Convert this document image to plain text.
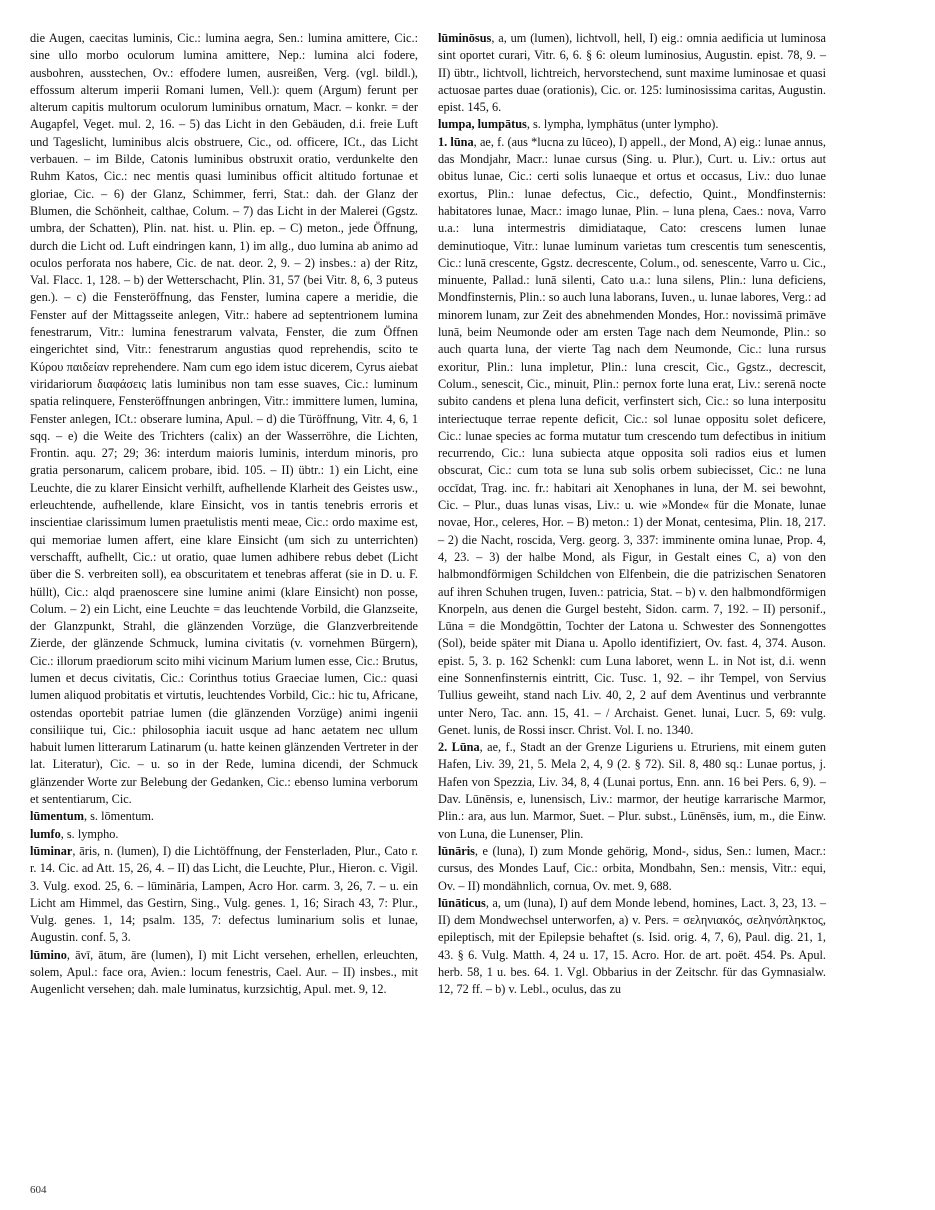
die Augen, caecitas luminis, Cic.: lumina aegra, Sen.: lumina amittere, Cic.: sine ullo morbo oculorum lumina amittere, Nep.: lumina alci fodere, ausbohren, ausstechen, Ov.: effodere lumen, ausreißen, Verg. (vgl. bildl.), effossum alterum imperii Romani lumen, Vell.): quem (Argum) ferunt per alterum capitis multorum oculorum luminibus ornatum, Macr. – konkr. = der Augapfel, Veget. mul. 2, 16. – 5) das Licht in den Gebäuden, d.i. freie Luft und Tageslicht, luminibus alcis obstruere, Cic., od. officere, ICt., das Licht verbauen. – im Bilde, Catonis luminibus obstruxit oratio, verdunkelte den Ruhm Katos, Cic.: nec mentis quasi luminibus officit altitudo fortunae et gloriae, Cic. – 6) der Glanz, Schimmer, ferri, Stat.: dah. der Glanz der Blumen, die Schönheit, calthae, Colum. – 7) das Licht in der Malerei (Ggstz. umbra, der Schatten), Plin. nat. hist. u. Plin. ep. – C) meton., jede Öffnung, durch die Licht od. Luft eindringen kann, 1) im allg., duo lumina ab animo ad oculos perforata nos habere, Cic. de nat. deor. 2, 9. – 2) insbes.: a) der Ritz, Val. Flacc. 1, 128. – b) der Wetterschacht, Plin. 31, 57 (bei Vitr. 8, 6, 3 puteus gen.). – c) die Fensteröffnung, das Fenster, lumina capere a meridie, die Fenster auf der Mittagsseite anlegen, Vitr.: habere ad septentrionem lumina fenestrarum, Vitr.: lumina fenestrarum valvata, Fenster, die zum Öffnen eingerichtet sind, Vitr.: fenestrarum angustias quod reprehendis, scito te Κύρου παιδείαν reprehendere. Nam cum ego idem istuc dicerem, Cyrus aiebat viridariorum διαφάσεις latis luminibus non tam esse suaves, Cic.: luminum spatia relinquere, Fensteröffnungen anbringen, Vitr.: immittere lumen, lumina, Fenster anlegen, ICt.: obserare lumina, Apul. – d) die Türöffnung, Vitr. 4, 6, 1 sqq. – e) die Weite des Trichters (calix) an der Wasserröhre, die Lichten, Frontin. aqu. 27; 29; 36: interdum maioris luminis, interdum minoris, pro gratia personarum, calicem probare, ibid. 105. – II) übtr.: 1) ein Licht, eine Leuchte, die zu klarer Einsicht verhilft, aufhellende Klarheit des Geistes usw., erleuchtende, aufhellende, klare Einsicht, vos in tantis tenebris erroris et inscientiae clarissimum lumen praetulistis menti meae, Cic.: ordo maxime est, qui memoriae lumen affert, eine klare Einsicht (um sich zu unterrichten) verschafft, aufhellt, Cic.: ut oratio, quae lumen adhibere rebus debet (Licht über die S. verbreiten soll), ea obscuritatem et tenebras afferat (sie in D. u. F. hüllt), Cic.: alqd praenoscere sine lumine animi (klare Einsicht) non posse, Colum. – 2) ein Licht, eine Leuchte = das leuchtende Vorbild, die Glanzseite, der Glanzpunkt, Strahl, die glänzenden Vorzüge, die Glanzverbreitende Zierde, der glänzende Schmuck, lumina civitatis (v. vornehmen Bürgern), Cic.: illorum praediorum scito mihi vicinum Marium lumen esse, Cic.: Brutus, lumen et decus civitatis, Cic.: Corinthus totius Graeciae lumen, Cic.: quasi lumen aliquod probitatis et virtutis, leuchtendes Vorbild, Cic.: hic tu, Africane, ostendas oportebit patriae lumen (die glänzenden Vorzüge) animi ingenii consiliique tui, Cic.: philosophia iacuit usque ad hanc aetatem nec ullum habuit lumen litterarum Latinarum (u. hatte keinen glänzenden Vertreter in der lat. Literatur), Cic. – u. so in der Rede, lumina dicendi, der Schmuck glänzender Worte zur Belebung der Gedanken, Cic.: ebenso lumina verborum et sententiarum, Cic.

lūmentum, s. lōmentum.

lumfo, s. lympho.

lūminar, āris, n. (lumen), I) die Lichtöffnung, der Fensterladen, Plur., Cato r. r. 14. Cic. ad Att. 15, 26, 4. – II) das Licht, die Leuchte, Plur., Hieron. c. Vigil. 3. Vulg. exod. 25, 6. – lūmināria, Lampen, Acro Hor. carm. 3, 26, 7. – u. ein Licht am Himmel, das Gestirn, Sing., Vulg. genes. 1, 16; Sirach 43, 7: Plur., Vulg. genes. 1, 14; psalm. 135, 7: defectus luminarium solis et lunae, Augustin. conf. 5, 3.

lūmino, āvī, ātum, āre (lumen), I) mit Licht versehen, erhellen, erleuchten, solem, Apul.: face ora, Avien.: locum fenestris, Cael. Aur. – II) insbes., mit Augenlicht versehen; dah. male luminatus, kurzsichtig, Apul. met. 9, 12.

lūminōsus, a, um (lumen), lichtvoll, hell, I) eig.: omnia aedificia ut luminosa sint oportet curari, Vitr. 6, 6. § 6: oleum luminosius, Augustin. epist. 78, 9. – II) übtr., lichtvoll, lichtreich, hervorstechend, sunt maxime luminosae et quasi actuosae partes duae (orationis), Cic. or. 125: luminosissima caritas, Augustin. epist. 145, 6.

lumpa, lumpātus, s. lympha, lymphātus (unter lympho).

1. lūna, ae, f. (aus *lucna zu lūceo), I) appell., der Mond, A) eig.: lunae annus, das Mondjahr, Macr.: lunae cursus (Sing. u. Plur.), Curt. u. Liv.: ortus aut obitus lunae, Cic.: certi solis lunaeque et ortus et occasus, Liv.: duo lunae exortus, Plin.: lunae defectus, Cic., defectio, Quint., Mondfinsternis: habitatores lunae, Macr.: imago lunae, Plin. – luna plena, Caes.: nova, Varro u.a.: luna intermestris dimidiataque, Cato: crescens lumen lunae deminutioque, Vitr.: lunae luminum varietas tum crescentis tum senescentis, Cic.: lunā crescente, Ggstz. decrescente, Colum., od. senescente, Varro u. Cic., minuente, Pallad.: lunā silenti, Cato u.a.: luna silens, Plin.: luna deficiens, Mondfinsternis, Plin.: so auch luna laborans, Iuven., u. lunae labores, Verg.: ad minorem lunam, zur Zeit des abnehmenden Mondes, Hor.: novissimā primāve lunā, beim Neumonde oder am ersten Tage nach dem Neumonde, Plin.: so auch quarta luna, der vierte Tag nach dem Neumonde, Cic.: luna rursus exoritur, Plin.: luna impletur, Plin.: luna crescit, Cic., Ggstz., decrescit, Colum., senescit, Cic., minuit, Plin.: pernox forte luna erat, Liv.: serenā nocte subito candens et plena luna deficit, verfinstert sich, Cic.: so luna interpositu interiectuque terrae repente deficit, Cic.: sol lunae oppositu solet deficere, Cic.: lunae species ac forma mutatur tum crescendo tum defectibus in initium recurrendo, Cic.: luna subiecta atque opposita soli radios eius et lumen obscurat, Cic.: cum tota se luna sub solis orbem subiecisset, Cic.: ne luna occīdat, Trag. inc. fr.: habitari ait Xenophanes in luna, der M. sei bewohnt, Cic. – Plur., duas lunas visas, Liv.: u. wie »Monde« für die Monate, lunae novae, Hor., celeres, Hor. – B) meton.: 1) der Monat, centesima, Plin. 18, 217. – 2) die Nacht, roscida, Verg. georg. 3, 337: imminente omina lunae, Prop. 4, 4, 23. – 3) der halbe Mond, als Figur, in Gestalt eines C, a) von den halbmondförmigen Schildchen von Elfenbein, die die patrizischen Senatoren auf ihren Schuhen trugen, Iuven.: patricia, Stat. – b) v. den halbmondförmigen Knorpeln, aus denen die Gurgel besteht, Sidon. carm. 7, 192. – II) personif., Lūna = die Mondgöttin, Tochter der Latona u. Schwester des Sonnengottes (Sol), beide später mit Diana u. Apollo identifiziert, Ov. fast. 4, 374. Auson. epist. 5, 3. p. 162 Schenkl: cum Luna laboret, wenn L. in Not ist, d.i. wenn eine Sonnenfinsternis eintritt, Cic. Tusc. 1, 92. – ihr Tempel, von Servius Tullius geweiht, stand nach Liv. 40, 2, 2 auf dem Aventinus und verbrannte unter Nero, Tac. ann. 15, 41. – / Archaist. Genet. lunai, Lucr. 5, 69: vulg. Genet. lunis, de Rossi inscr. Christ. Vol. I. no. 1340.

2. Lūna, ae, f., Stadt an der Grenze Liguriens u. Etruriens, mit einem guten Hafen, Liv. 39, 21, 5. Mela 2, 4, 9 (2. § 72). Sil. 8, 480 sq.: Lunae portus, j. Hafen von Spezzia, Liv. 34, 8, 4 (Lunai portus, Enn. ann. 16 bei Pers. 6, 9). – Dav. Lūnēnsis, e, lunensisch, Liv.: marmor, der heutige karrarische Marmor, Plin.: ara, aus lun. Marmor, Suet. – Plur. subst., Lūnēnsēs, ium, m., die Einw. von Luna, die Lunenser, Plin.

lūnāris, e (luna), I) zum Monde gehörig, Mond-, sidus, Sen.: lumen, Macr.: cursus, des Mondes Lauf, Cic.: orbita, Mondbahn, Sen.: mensis, Vitr.: equi, Ov. – II) mondähnlich, cornua, Ov. met. 9, 688.

lūnāticus, a, um (luna), I) auf dem Monde lebend, homines, Lact. 3, 23, 13. – II) dem Mondwechsel unterworfen, a) v. Pers. = σεληνιακός, σεληνόπληκτος, epileptisch, mit der Epilepsie behaftet (s. Isid. orig. 4, 7, 6), Paul. dig. 21, 1, 43. § 6. Vulg. Matth. 4, 24 u. 17, 15. Acro. Hor. de art. poët. 454. Ps. Apul. herb. 58, 1 u. bes. 64. 1. Vgl. Obbarius in der Zeitschr. für das Gymnasialw. 12, 72 ff. – b) v. Lebl., oculus, das zu

604
